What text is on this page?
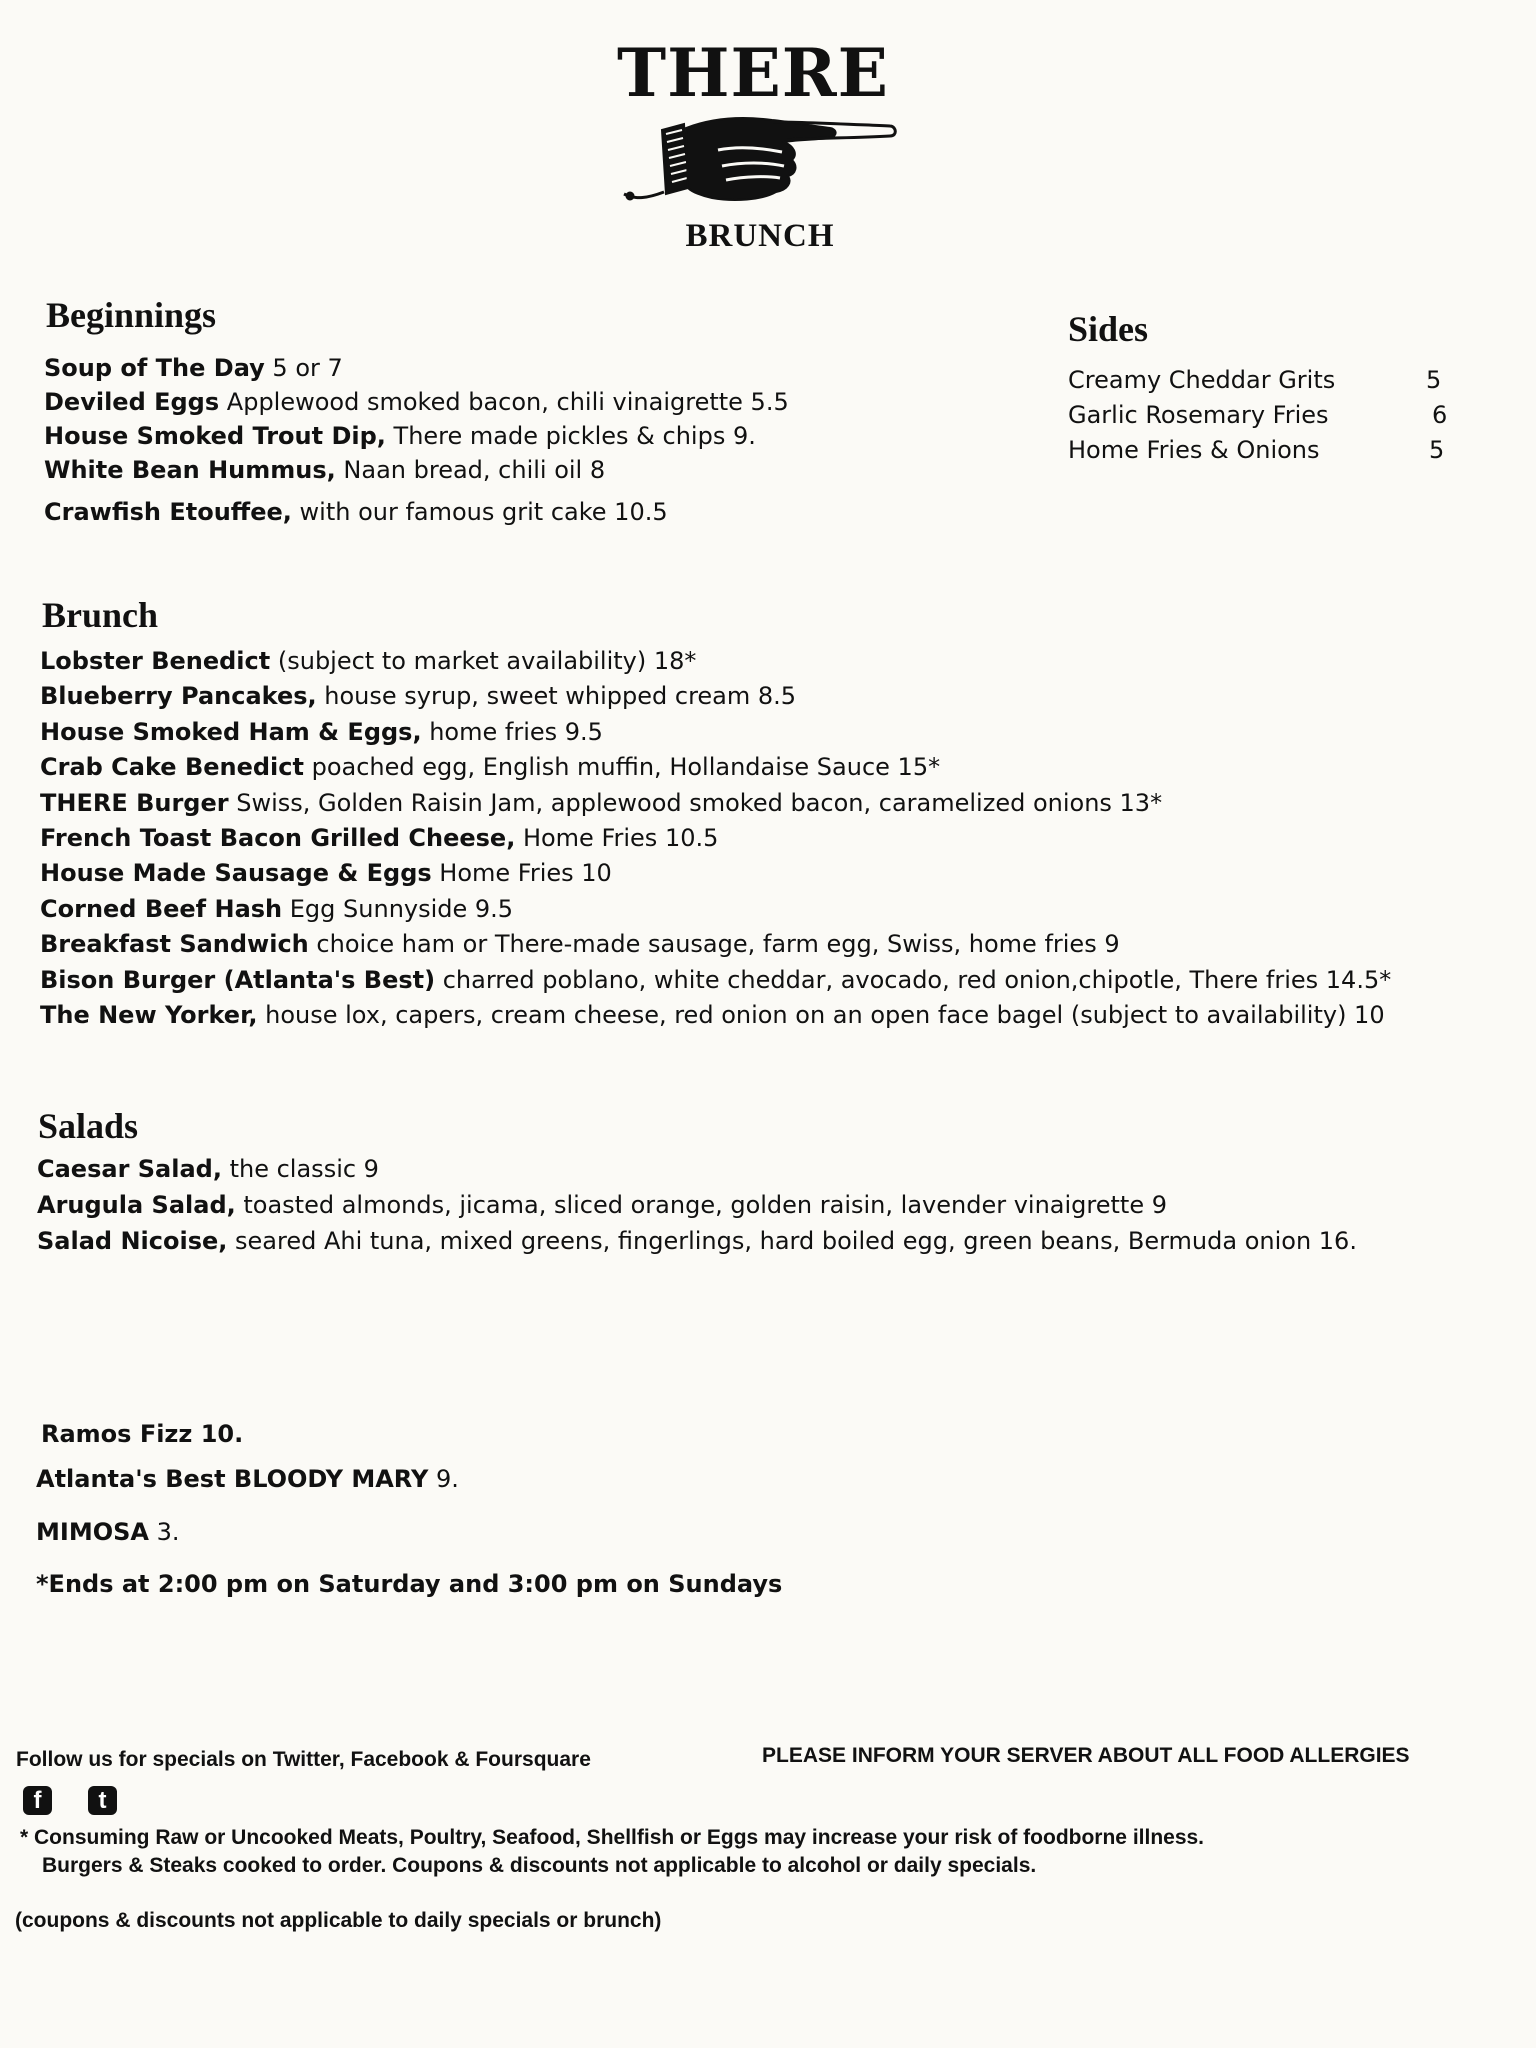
THERE
BRUNCH
Beginnings
Soup of The Day 5 or 7
Deviled Eggs Applewood smoked bacon, chili vinaigrette 5.5
House Smoked Trout Dip, There made pickles & chips 9.
White Bean Hummus, Naan bread, chili oil 8
Crawfish Etouffee, with our famous grit cake 10.5
Sides
Creamy Cheddar Grits	5
Garlic Rosemary Fries	6
Home Fries & Onions	5
Brunch
Lobster Benedict (subject to market availability) 18*
Blueberry Pancakes, house syrup, sweet whipped cream 8.5
House Smoked Ham & Eggs, home fries 9.5
Crab Cake Benedict poached egg, English muffin, Hollandaise Sauce 15*
THERE Burger Swiss, Golden Raisin Jam, applewood smoked bacon, caramelized onions 13*
French Toast Bacon Grilled Cheese, Home Fries 10.5
House Made Sausage & Eggs Home Fries 10
Corned Beef Hash Egg Sunnyside 9.5
Breakfast Sandwich choice ham or There-made sausage, farm egg, Swiss, home fries 9
Bison Burger (Atlanta's Best) charred poblano, white cheddar, avocado, red onion,chipotle, There fries 14.5*
The New Yorker, house lox, capers, cream cheese, red onion on an open face bagel (subject to availability) 10
Salads
Caesar Salad, the classic 9
Arugula Salad, toasted almonds, jicama, sliced orange, golden raisin, lavender vinaigrette 9
Salad Nicoise, seared Ahi tuna, mixed greens, fingerlings, hard boiled egg, green beans, Bermuda onion 16.
Ramos Fizz 10.
Atlanta's Best BLOODY MARY 9.
MIMOSA 3.
*Ends at 2:00 pm on Saturday and 3:00 pm on Sundays
Follow us for specials on Twitter, Facebook & Foursquare	PLEASE INFORM YOUR SERVER ABOUT ALL FOOD ALLERGIES
f	t
* Consuming Raw or Uncooked Meats, Poultry, Seafood, Shellfish or Eggs may increase your risk of foodborne illness.
Burgers & Steaks cooked to order. Coupons & discounts not applicable to alcohol or daily specials.
(coupons & discounts not applicable to daily specials or brunch)
